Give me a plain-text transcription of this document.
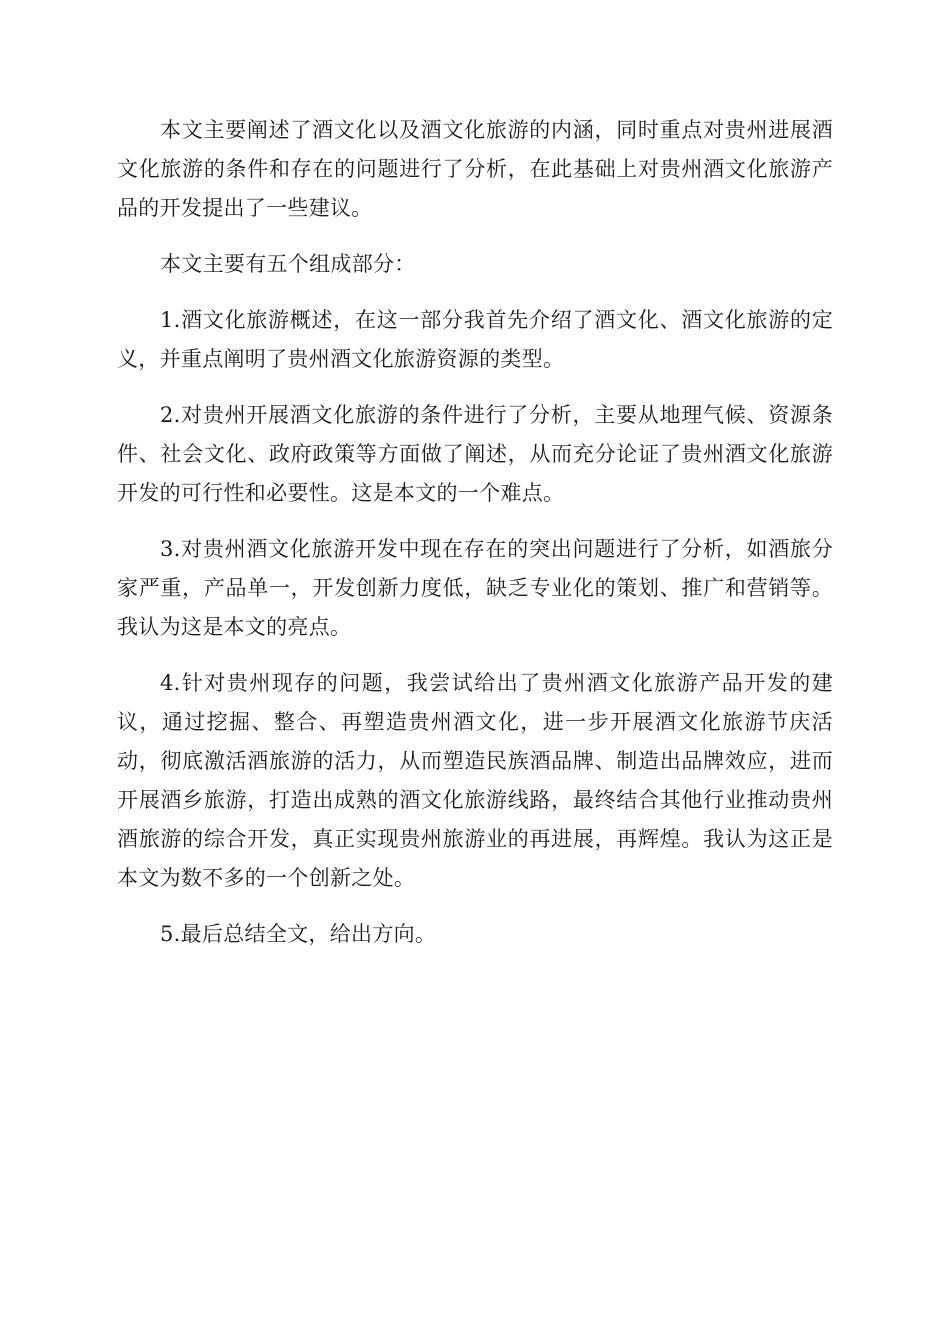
本文主要阐述了酒文化以及酒文化旅游的内涵，同时重点对贵州进展酒文化旅游的条件和存在的问题进行了分析，在此基础上对贵州酒文化旅游产品的开发提出了一些建议。

本文主要有五个组成部分：

1.酒文化旅游概述，在这一部分我首先介绍了酒文化、酒文化旅游的定义，并重点阐明了贵州酒文化旅游资源的类型。

2.对贵州开展酒文化旅游的条件进行了分析，主要从地理气候、资源条件、社会文化、政府政策等方面做了阐述，从而充分论证了贵州酒文化旅游开发的可行性和必要性。这是本文的一个难点。

3.对贵州酒文化旅游开发中现在存在的突出问题进行了分析，如酒旅分家严重，产品单一，开发创新力度低，缺乏专业化的策划、推广和营销等。我认为这是本文的亮点。

4.针对贵州现存的问题，我尝试给出了贵州酒文化旅游产品开发的建议，通过挖掘、整合、再塑造贵州酒文化，进一步开展酒文化旅游节庆活动，彻底激活酒旅游的活力，从而塑造民族酒品牌、制造出品牌效应，进而开展酒乡旅游，打造出成熟的酒文化旅游线路，最终结合其他行业推动贵州酒旅游的综合开发，真正实现贵州旅游业的再进展，再辉煌。我认为这正是本文为数不多的一个创新之处。

5.最后总结全文，给出方向。
